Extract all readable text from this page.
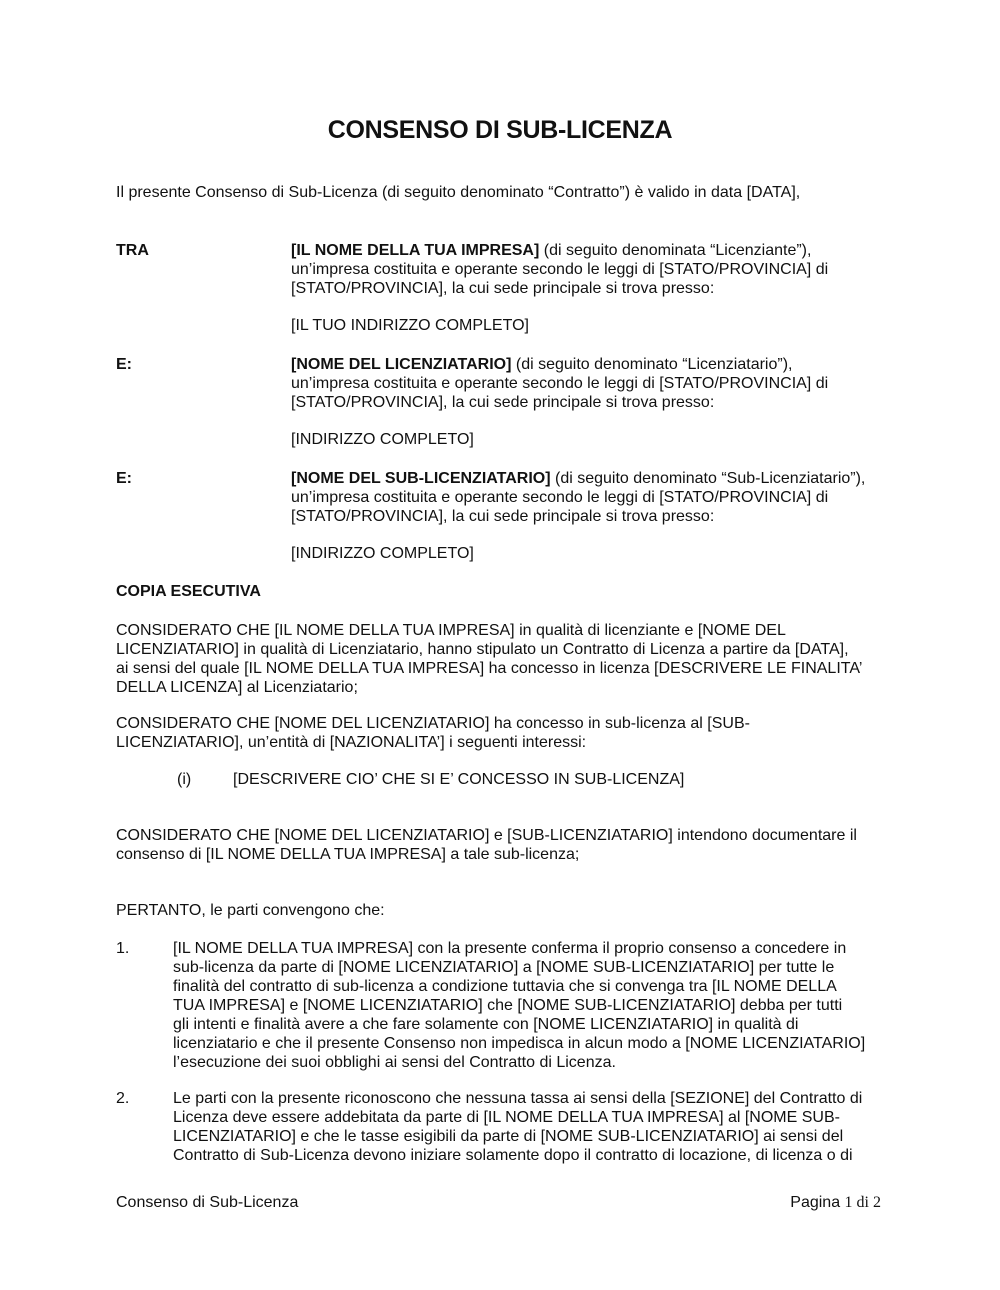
CONSENSO DI SUB-LICENZA
Il presente Consenso di Sub-Licenza (di seguito denominato “Contratto”) è valido in data [DATA],
TRA	[IL NOME DELLA TUA IMPRESA] (di seguito denominata “Licenziante”),
un’impresa costituita e operante secondo le leggi di [STATO/PROVINCIA] di
[STATO/PROVINCIA], la cui sede principale si trova presso:
[IL TUO INDIRIZZO COMPLETO]
E:	[NOME DEL LICENZIATARIO] (di seguito denominato “Licenziatario”),
un’impresa costituita e operante secondo le leggi di [STATO/PROVINCIA] di
[STATO/PROVINCIA], la cui sede principale si trova presso:
[INDIRIZZO COMPLETO]
E:	[NOME DEL SUB-LICENZIATARIO] (di seguito denominato “Sub-Licenziatario”),
un’impresa costituita e operante secondo le leggi di [STATO/PROVINCIA] di
[STATO/PROVINCIA], la cui sede principale si trova presso:
[INDIRIZZO COMPLETO]
COPIA ESECUTIVA
CONSIDERATO CHE [IL NOME DELLA TUA IMPRESA] in qualità di licenziante e [NOME DEL
LICENZIATARIO] in qualità di Licenziatario, hanno stipulato un Contratto di Licenza a partire da [DATA],
ai sensi del quale [IL NOME DELLA TUA IMPRESA] ha concesso in licenza [DESCRIVERE LE FINALITA’
DELLA LICENZA] al Licenziatario;
CONSIDERATO CHE [NOME DEL LICENZIATARIO] ha concesso in sub-licenza al [SUB-
LICENZIATARIO], un’entità di [NAZIONALITA’] i seguenti interessi:
(i)	[DESCRIVERE CIO’ CHE SI E’ CONCESSO IN SUB-LICENZA]
CONSIDERATO CHE [NOME DEL LICENZIATARIO] e [SUB-LICENZIATARIO] intendono documentare il
consenso di [IL NOME DELLA TUA IMPRESA] a tale sub-licenza;
PERTANTO, le parti convengono che:
1.	[IL NOME DELLA TUA IMPRESA] con la presente conferma il proprio consenso a concedere in
sub-licenza da parte di [NOME LICENZIATARIO] a [NOME SUB-LICENZIATARIO] per tutte le
finalità del contratto di sub-licenza a condizione tuttavia che si convenga tra [IL NOME DELLA
TUA IMPRESA] e [NOME LICENZIATARIO] che [NOME SUB-LICENZIATARIO] debba per tutti
gli intenti e finalità avere a che fare solamente con [NOME LICENZIATARIO] in qualità di
licenziatario e che il presente Consenso non impedisca in alcun modo a [NOME LICENZIATARIO]
l’esecuzione dei suoi obblighi ai sensi del Contratto di Licenza.
2.	Le parti con la presente riconoscono che nessuna tassa ai sensi della [SEZIONE] del Contratto di
Licenza deve essere addebitata da parte di [IL NOME DELLA TUA IMPRESA] al [NOME SUB-
LICENZIATARIO] e che le tasse esigibili da parte di [NOME SUB-LICENZIATARIO] ai sensi del
Contratto di Sub-Licenza devono iniziare solamente dopo il contratto di locazione, di licenza o di
Consenso di Sub-Licenza	Pagina 1 di 2
